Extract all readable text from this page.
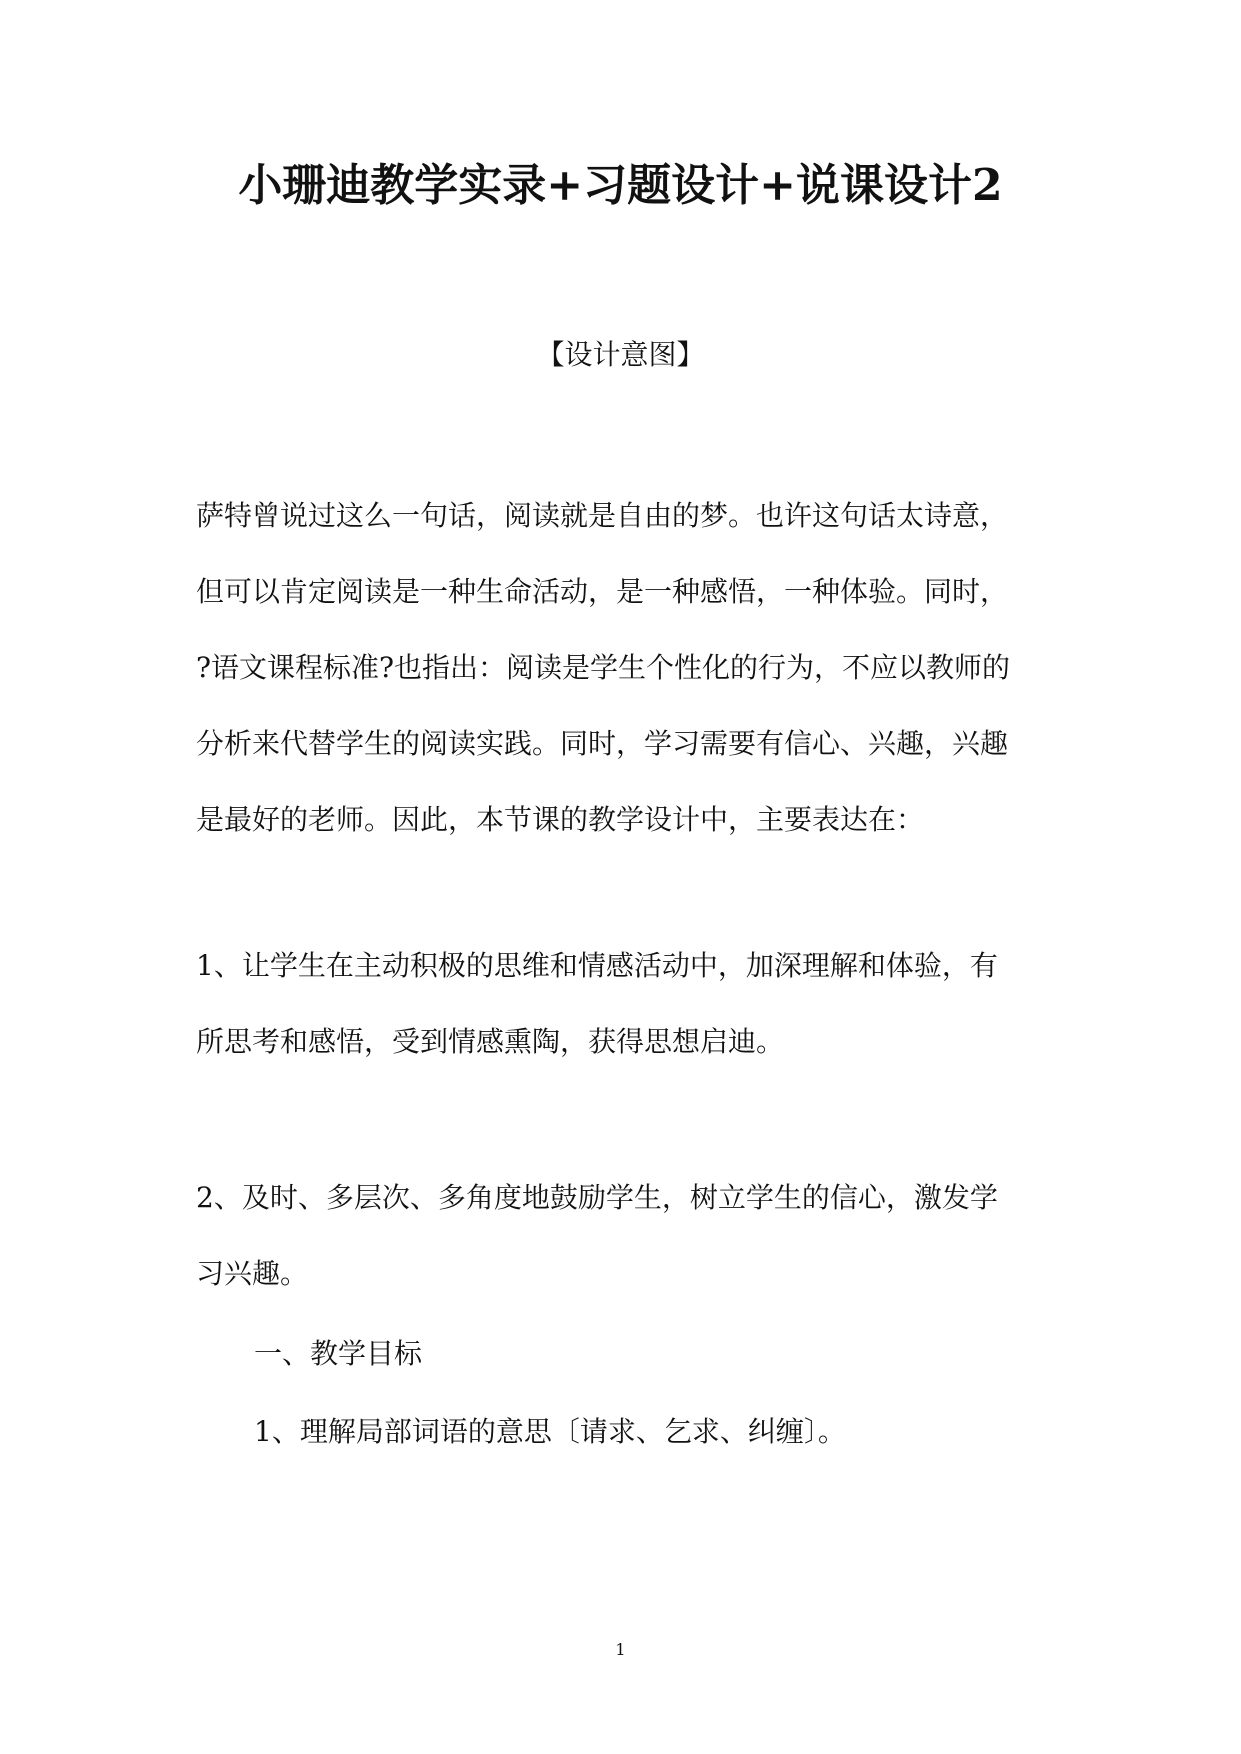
小珊迪教学实录+习题设计+说课设计2
【设计意图】

萨特曾说过这么一句话，阅读就是自由的梦。也许这句话太诗意，
但可以肯定阅读是一种生命活动，是一种感悟，一种体验。同时，
?语文课程标准?也指出：阅读是学生个性化的行为，不应以教师的
分析来代替学生的阅读实践。同时，学习需要有信心、兴趣，兴趣
是最好的老师。因此，本节课的教学设计中，主要表达在：

1、让学生在主动积极的思维和情感活动中，加深理解和体验，有
所思考和感悟，受到情感熏陶，获得思想启迪。

2、及时、多层次、多角度地鼓励学生，树立学生的信心，激发学
习兴趣。

一、教学目标
1、理解局部词语的意思〔请求、乞求、纠缠〕。
1
